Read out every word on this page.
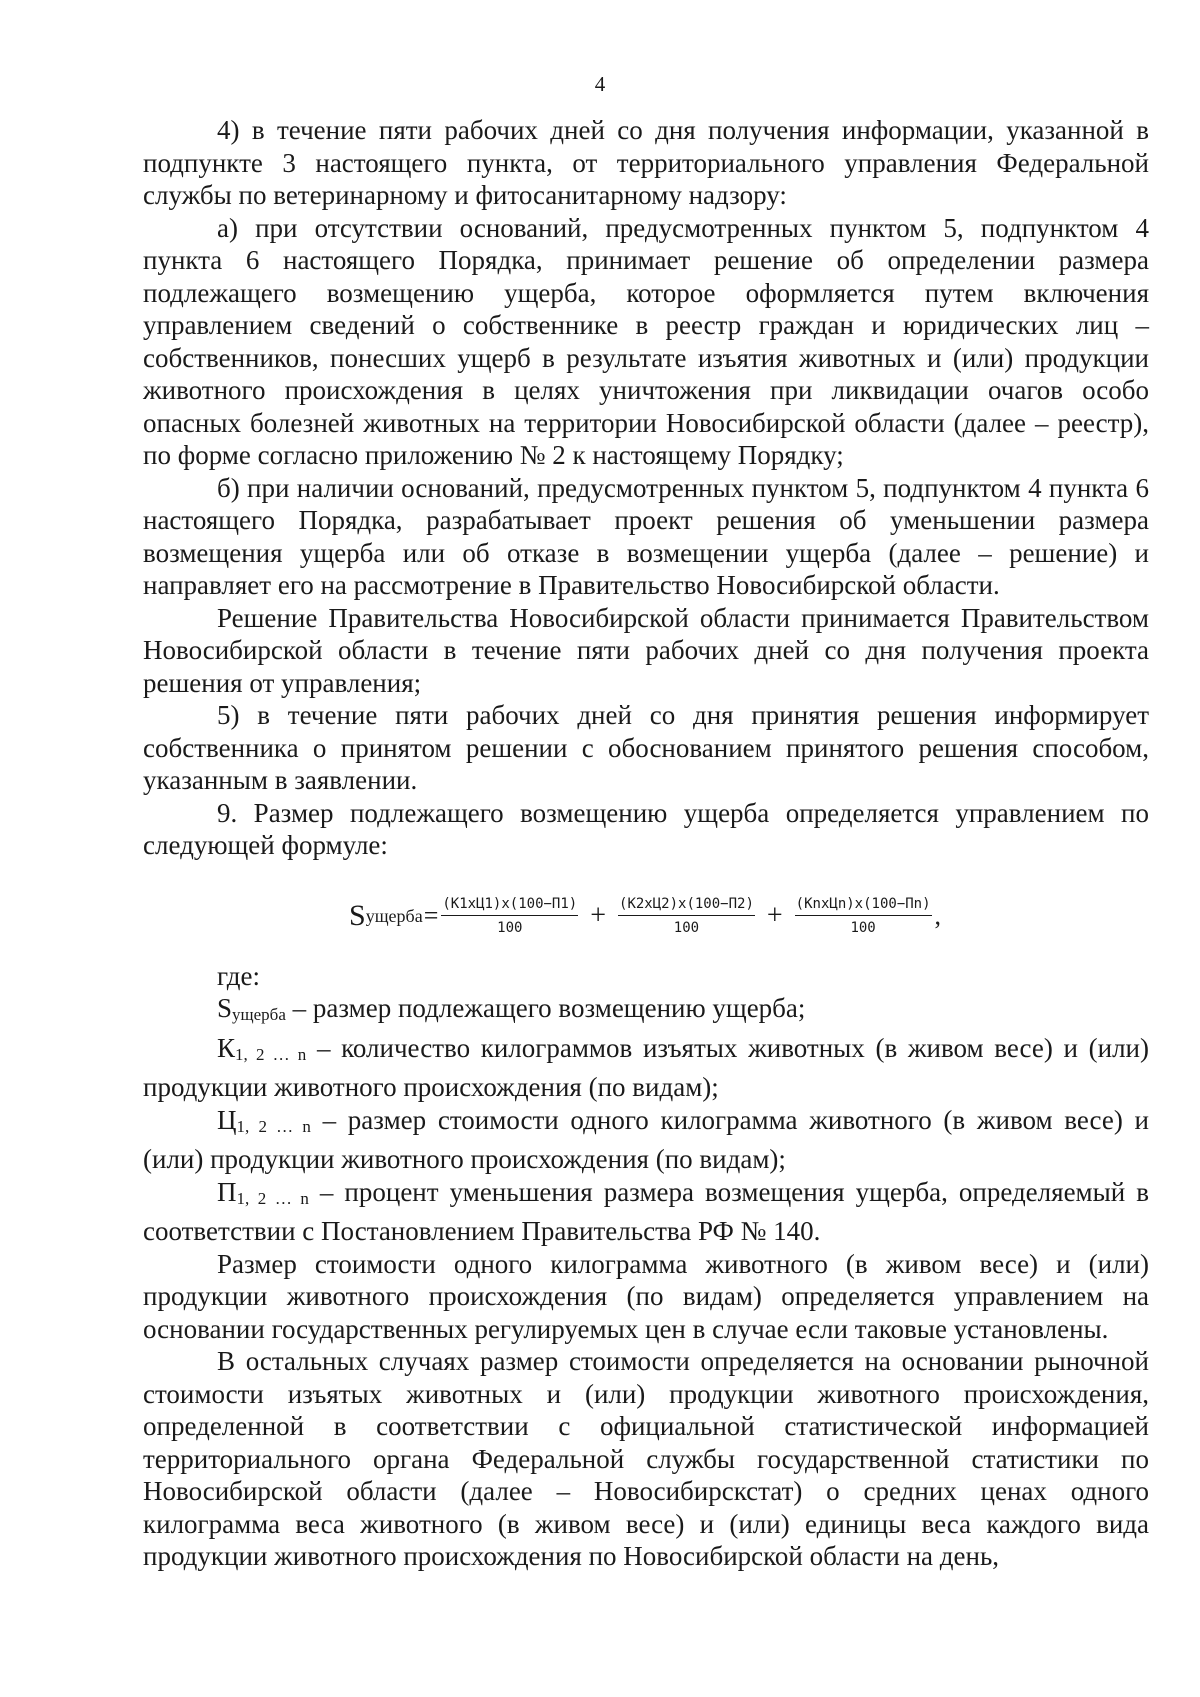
4

4) в течение пяти рабочих дней со дня получения информации, указанной в подпункте 3 настоящего пункта, от территориального управления Федеральной службы по ветеринарному и фитосанитарному надзору:

а) при отсутствии оснований, предусмотренных пунктом 5, подпунктом 4 пункта 6 настоящего Порядка, принимает решение об определении размера подлежащего возмещению ущерба, которое оформляется путем включения управлением сведений о собственнике в реестр граждан и юридических лиц – собственников, понесших ущерб в результате изъятия животных и (или) продукции животного происхождения в целях уничтожения при ликвидации очагов особо опасных болезней животных на территории Новосибирской области (далее – реестр), по форме согласно приложению № 2 к настоящему Порядку;

б) при наличии оснований, предусмотренных пунктом 5, подпунктом 4 пункта 6 настоящего Порядка, разрабатывает проект решения об уменьшении размера возмещения ущерба или об отказе в возмещении ущерба (далее – решение) и направляет его на рассмотрение в Правительство Новосибирской области.

Решение Правительства Новосибирской области принимается Правительством Новосибирской области в течение пяти рабочих дней со дня получения проекта решения от управления;

5) в течение пяти рабочих дней со дня принятия решения информирует собственника о принятом решении с обоснованием принятого решения способом, указанным в заявлении.

9. Размер подлежащего возмещению ущерба определяется управлением по следующей формуле:

где:

Sущерба – размер подлежащего возмещению ущерба;

К1, 2 … n – количество килограммов изъятых животных (в живом весе) и (или) продукции животного происхождения (по видам);

Ц1, 2 … n – размер стоимости одного килограмма животного (в живом весе) и (или) продукции животного происхождения (по видам);

П1, 2 … n – процент уменьшения размера возмещения ущерба, определяемый в соответствии с Постановлением Правительства РФ № 140.

Размер стоимости одного килограмма животного (в живом весе) и (или) продукции животного происхождения (по видам) определяется управлением на основании государственных регулируемых цен в случае если таковые установлены.

В остальных случаях размер стоимости определяется на основании рыночной стоимости изъятых животных и (или) продукции животного происхождения, определенной в соответствии с официальной статистической информацией территориального органа Федеральной службы государственной статистики по Новосибирской области (далее – Новосибирскстат) о средних ценах одного килограмма веса животного (в живом весе) и (или) единицы веса каждого вида продукции животного происхождения по Новосибирской области на день,

S ущерба = $\frac{(К1хЦ1)х(100-П1)}{100} + \frac{(К2хЦ2)х(100-П2)}{100} + \frac{\text{(КnхЦn)х(100−Пn)}}{100}$ ,
